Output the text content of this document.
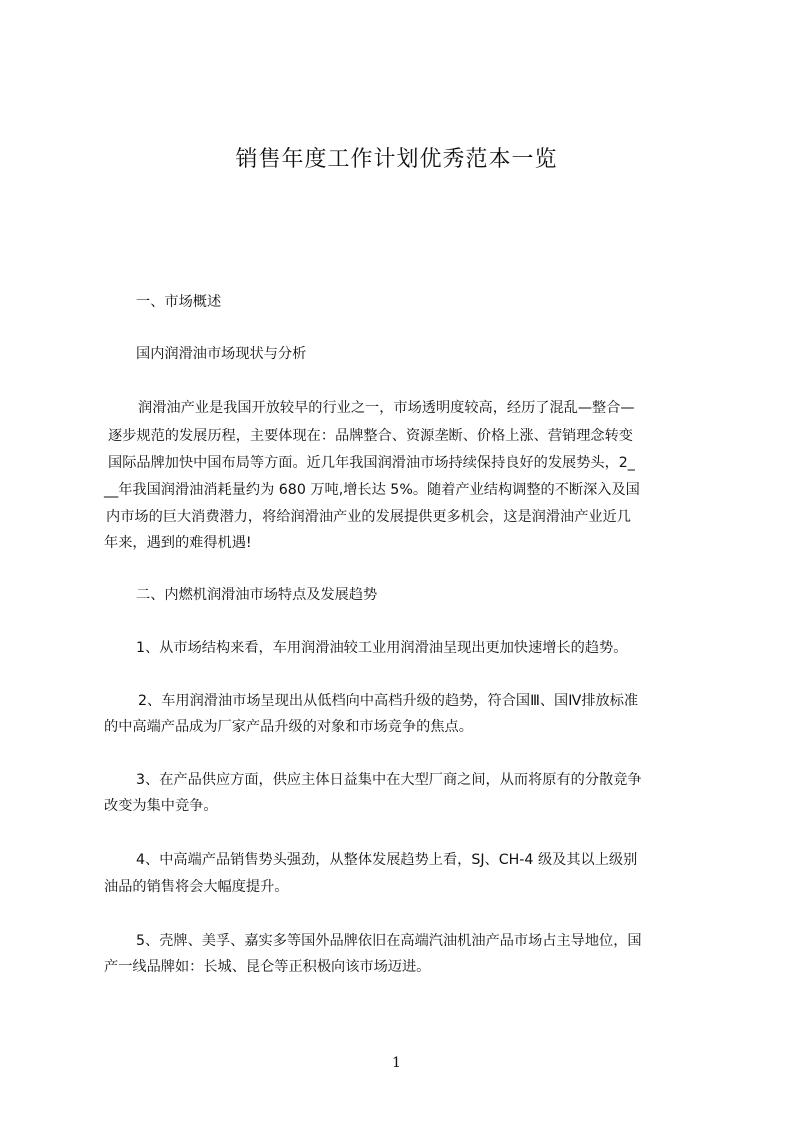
销售年度工作计划优秀范本一览

一、市场概述

国内润滑油市场现状与分析

润滑油产业是我国开放较早的行业之一，市场透明度较高，经历了混乱—整合—

逐步规范的发展历程，主要体现在：品牌整合、资源垄断、价格上涨、营销理念转变

国际品牌加快中国布局等方面。近几年我国润滑油市场持续保持良好的发展势头，2_

__年我国润滑油消耗量约为 680 万吨,增长达 5%。随着产业结构调整的不断深入及国

内市场的巨大消费潜力，将给润滑油产业的发展提供更多机会，这是润滑油产业近几

年来，遇到的难得机遇!

二、内燃机润滑油市场特点及发展趋势

1、从市场结构来看，车用润滑油较工业用润滑油呈现出更加快速增长的趋势。

2、车用润滑油市场呈现出从低档向中高档升级的趋势，符合国Ⅲ、国Ⅳ排放标准

的中高端产品成为厂家产品升级的对象和市场竞争的焦点。

3、在产品供应方面，供应主体日益集中在大型厂商之间，从而将原有的分散竞争

改变为集中竞争。

4、中高端产品销售势头强劲，从整体发展趋势上看，SJ、CH-4 级及其以上级别

油品的销售将会大幅度提升。

5、壳牌、美孚、嘉实多等国外品牌依旧在高端汽油机油产品市场占主导地位，国

产一线品牌如：长城、昆仑等正积极向该市场迈进。

1
